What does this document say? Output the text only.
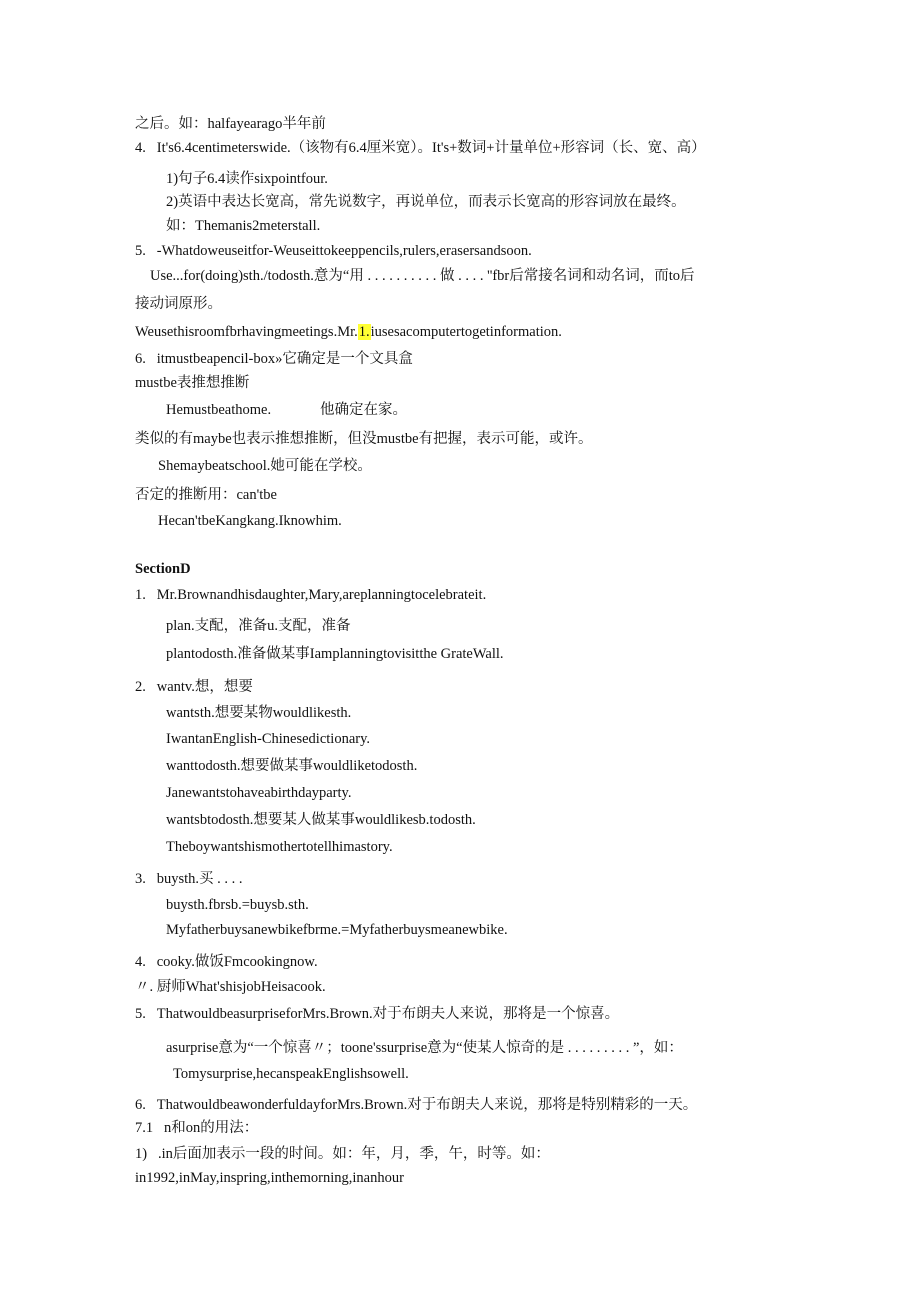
之后。如：halfayearago半年前

4.   It's6.4centimeterswide.（该物有6.4厘米宽）。It's+数词+计量单位+形容词（长、宽、高）

1)句子6.4读作sixpointfour.

2)英语中表达长宽高，常先说数字，再说单位，而表示长宽高的形容词放在最终。

如：Themanis2meterstall.

5.   -Whatdoweuseitfor-Weuseittokeeppencils,rulers,erasersandsoon.

Use...for(doing)sth./todosth.意为“用 . . . . . . . . . . 做 . . . . ''fbr后常接名词和动名词，而to后

接动词原形。

Weusethisroomfbrhavingmeetings.Mr.1.iusesacomputertogetinformation.

6.   itmustbeapencil-box»它确定是一个文具盒

mustbe表推想推断

Hemustbeathome.	他确定在家。

类似的有maybe也表示推想推断，但没mustbe有把握，表示可能，或许。

Shemaybeatschool.她可能在学校。

否定的推断用：can'tbe

Hecan'tbeKangkang.Iknowhim.

SectionD

1.   Mr.Brownandhisdaughter,Mary,areplanningtocelebrateit.

plan.支配，准备u.支配，准备

plantodosth.准备做某事Iamplanningtovisitthe GrateWall.

2.   wantv.想，想要

wantsth.想要某物wouldlikesth.

IwantanEnglish-Chinesedictionary.

wanttodosth.想要做某事wouldliketodosth.

Janewantstohaveabirthdayparty.

wantsbtodosth.想要某人做某事wouldlikesb.todosth.

Theboywantshismothertotellhimastory.

3.   buysth.买 . . . .

buysth.fbrsb.=buysb.sth.

Myfatherbuysanewbikefbrme.=Myfatherbuysmeanewbike.

4.   cooky.做饭Fmcookingnow.

〃. 厨师What'shisjobHeisacook.

5.   ThatwouldbeasurpriseforMrs.Brown.对于布朗夫人来说，那将是一个惊喜。

asurprise意为“一个惊喜〃；toone'ssurprise意为“使某人惊奇的是 . . . . . . . . . ”，如：

Tomysurprise,hecanspeakEnglishsowell.

6.   ThatwouldbeawonderfuldayforMrs.Brown.对于布朗夫人来说，那将是特别精彩的一天。

7.1   n和on的用法：

1)   .in后面加表示一段的时间。如：年，月，季，午，时等。如：

in1992,inMay,inspring,inthemorning,inanhour
